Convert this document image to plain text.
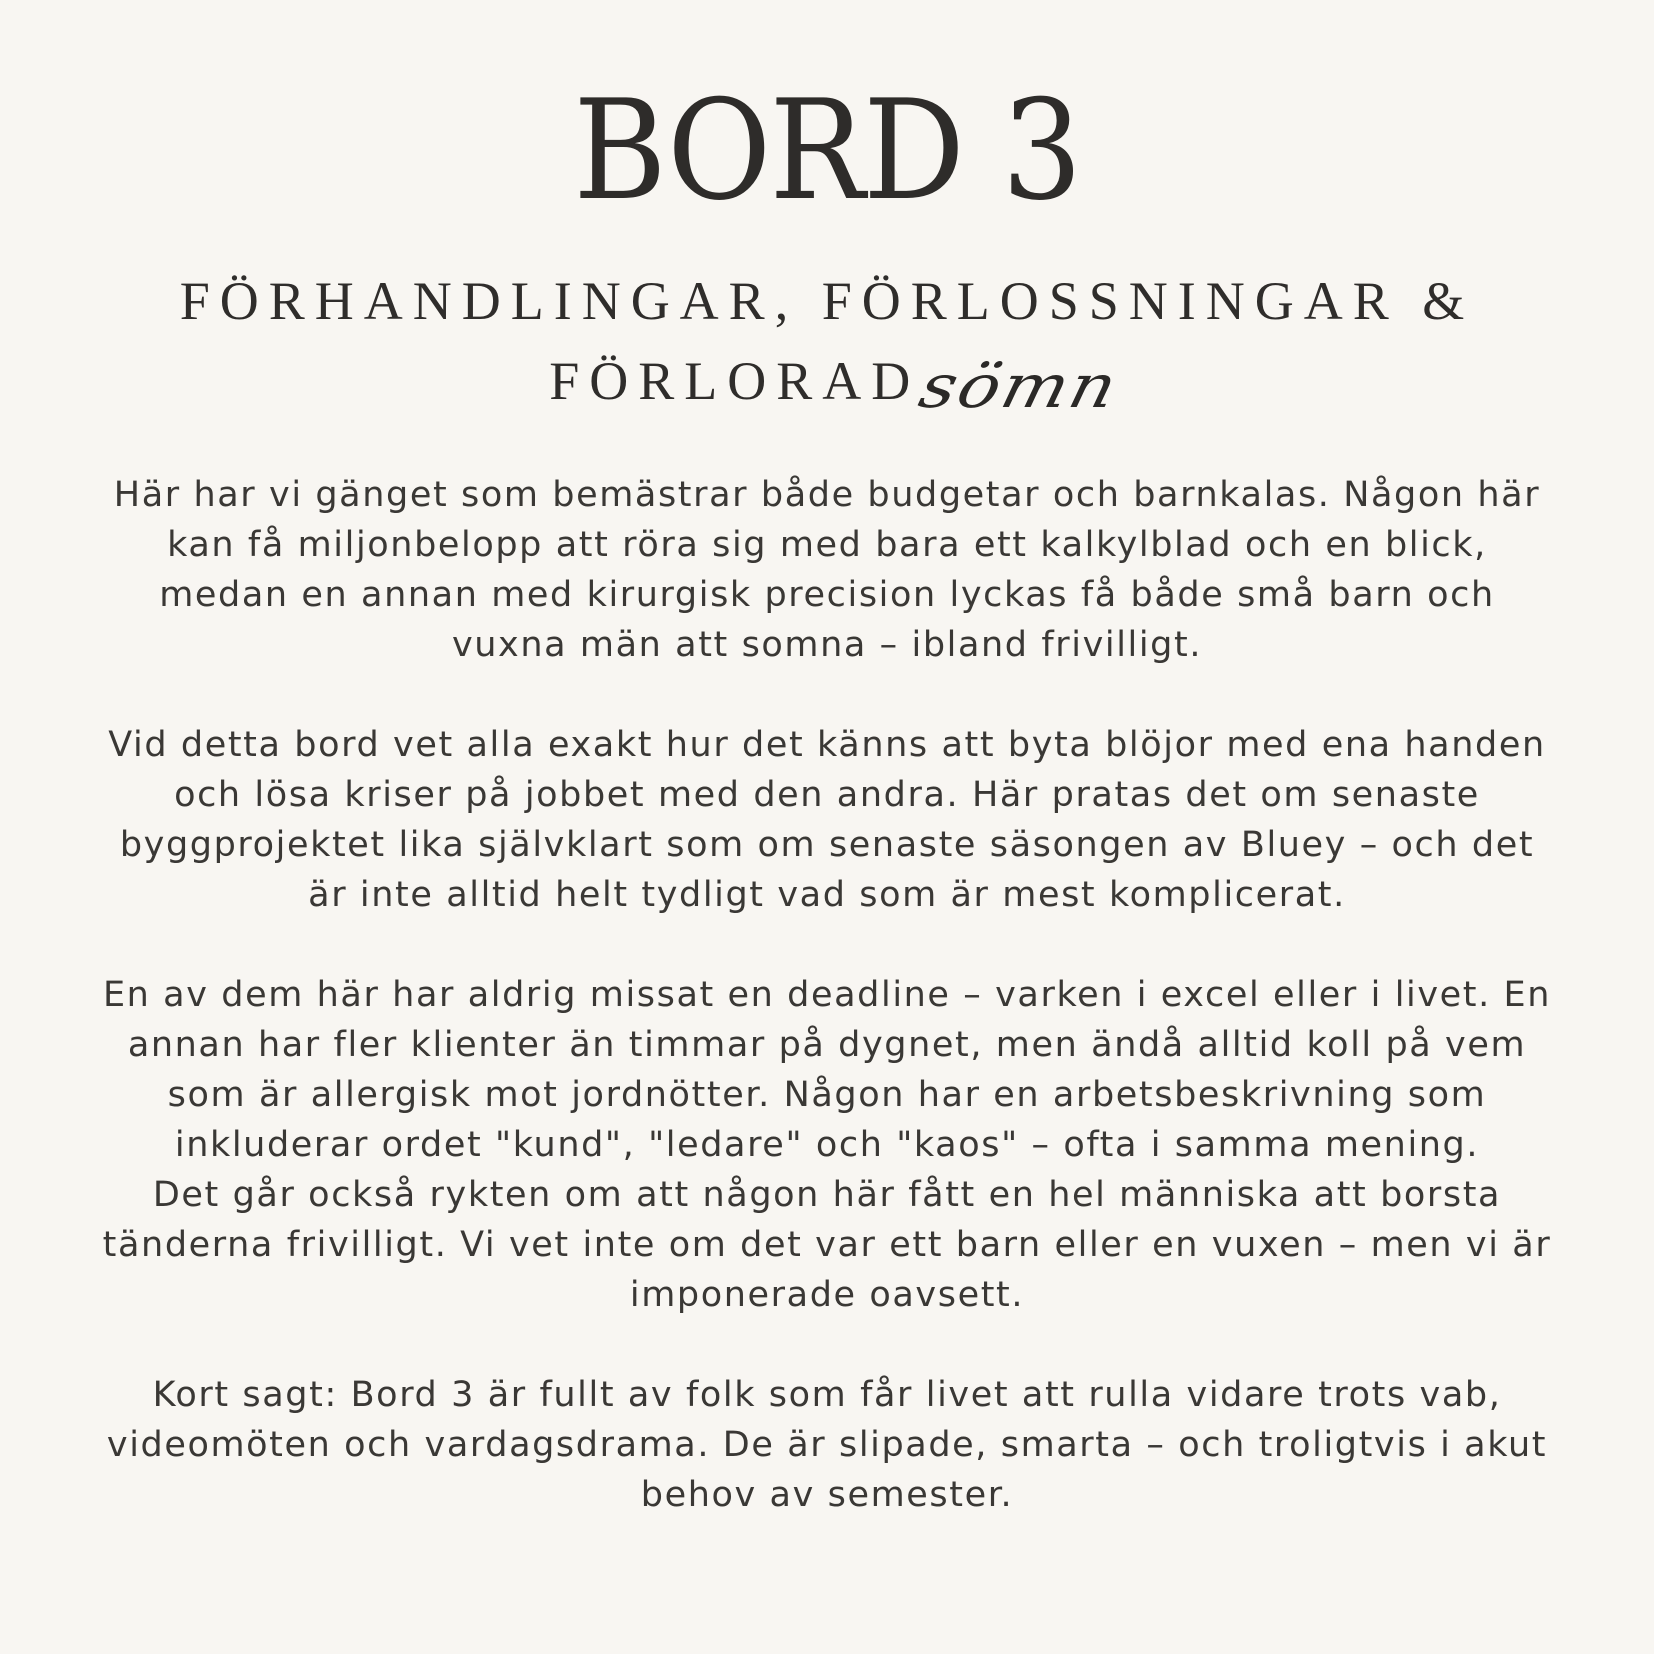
BORD 3
FÖRHANDLINGAR, FÖRLOSSNINGAR &
FÖRLORADsömn
Här har vi gänget som bemästrar både budgetar och barnkalas. Någon här
kan få miljonbelopp att röra sig med bara ett kalkylblad och en blick,
medan en annan med kirurgisk precision lyckas få både små barn och
vuxna män att somna – ibland frivilligt.
Vid detta bord vet alla exakt hur det känns att byta blöjor med ena handen
och lösa kriser på jobbet med den andra. Här pratas det om senaste
byggprojektet lika självklart som om senaste säsongen av Bluey – och det
är inte alltid helt tydligt vad som är mest komplicerat.
En av dem här har aldrig missat en deadline – varken i excel eller i livet. En
annan har fler klienter än timmar på dygnet, men ändå alltid koll på vem
som är allergisk mot jordnötter. Någon har en arbetsbeskrivning som
inkluderar ordet "kund", "ledare" och "kaos" – ofta i samma mening.
Det går också rykten om att någon här fått en hel människa att borsta
tänderna frivilligt. Vi vet inte om det var ett barn eller en vuxen – men vi är
imponerade oavsett.
Kort sagt: Bord 3 är fullt av folk som får livet att rulla vidare trots vab,
videomöten och vardagsdrama. De är slipade, smarta – och troligtvis i akut
behov av semester.
